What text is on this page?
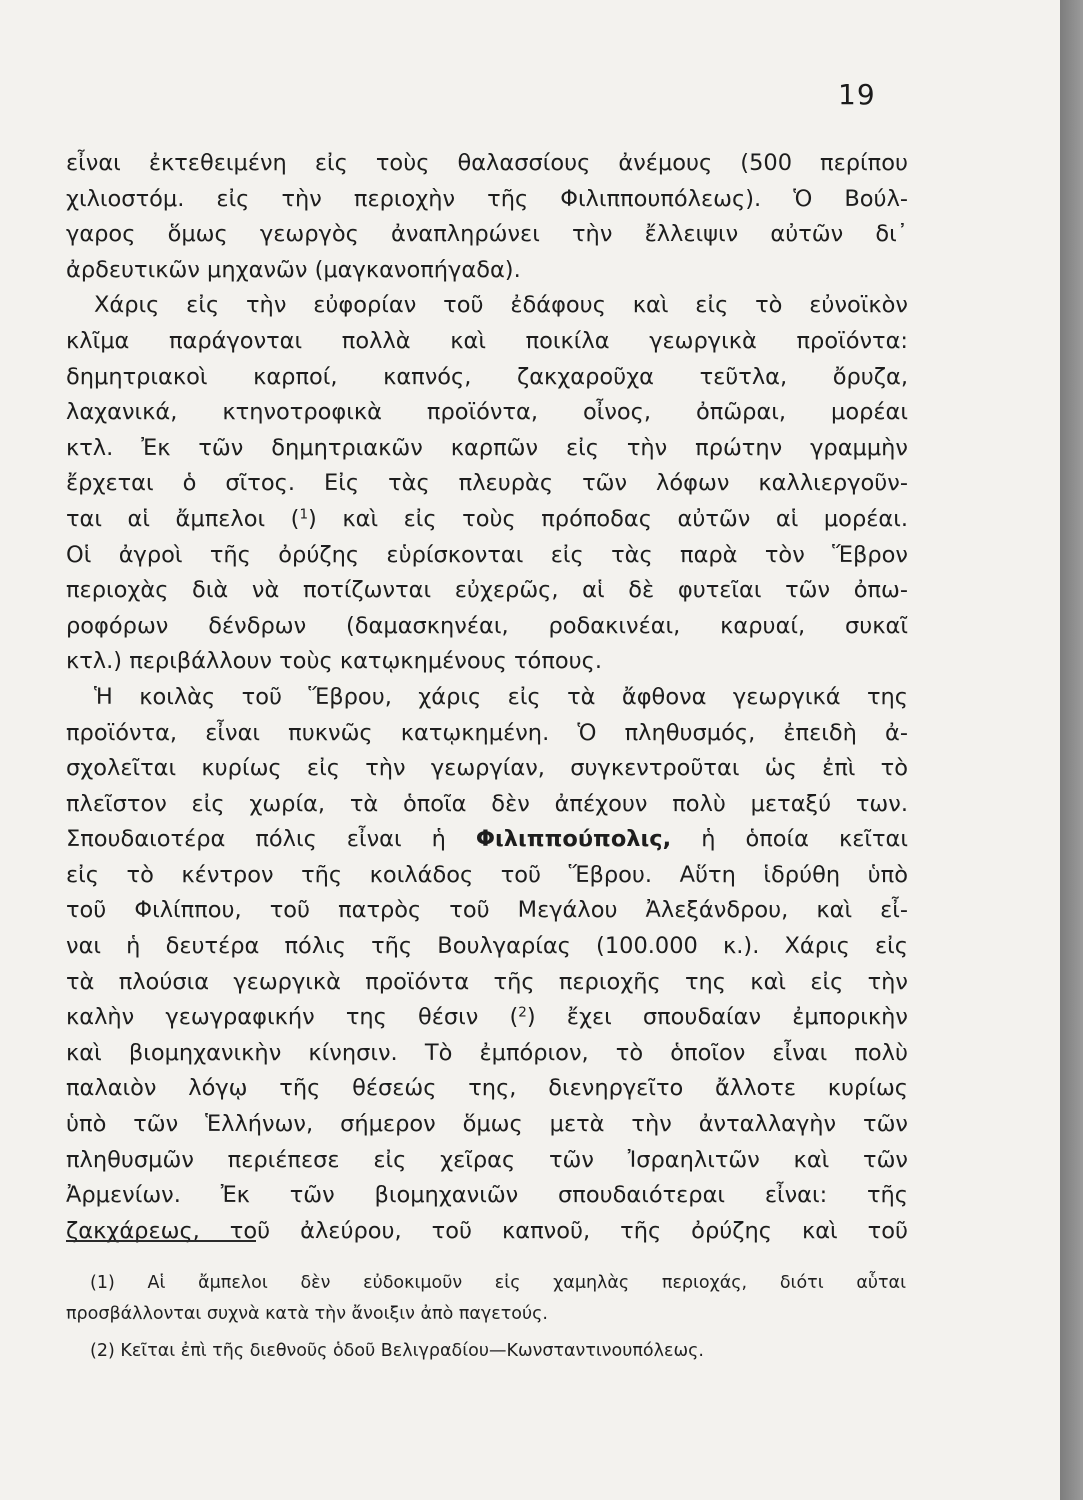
19
εἶναι ἐκτεθειμένη εἰς τοὺς θαλασσίους ἀνέμους (500 περίπου
χιλιοστόμ. εἰς τὴν περιοχὴν τῆς Φιλιππουπόλεως). Ὁ Βούλ-
γαρος ὅμως γεωργὸς ἀναπληρώνει τὴν ἔλλειψιν αὐτῶν δι᾽
ἀρδευτικῶν μηχανῶν (μαγκανοπήγαδα).
Χάρις εἰς τὴν εὐφορίαν τοῦ ἐδάφους καὶ εἰς τὸ εὐνοϊκὸν
κλῖμα παράγονται πολλὰ καὶ ποικίλα γεωργικὰ προϊόντα:
δημητριακοὶ καρποί, καπνός, ζακχαροῦχα τεῦτλα, ὄρυζα,
λαχανικά, κτηνοτροφικὰ προϊόντα, οἶνος, ὀπῶραι, μορέαι
κτλ. Ἐκ τῶν δημητριακῶν καρπῶν εἰς τὴν πρώτην γραμμὴν
ἔρχεται ὁ σῖτος. Εἰς τὰς πλευρὰς τῶν λόφων καλλιεργοῦν-
ται αἱ ἄμπελοι ($^1$) καὶ εἰς τοὺς πρόποδας αὐτῶν αἱ μορέαι.
Οἱ ἀγροὶ τῆς ὀρύζης εὑρίσκονται εἰς τὰς παρὰ τὸν Ἕβρον
περιοχὰς διὰ νὰ ποτίζωνται εὐχερῶς, αἱ δὲ φυτεῖαι τῶν ὀπω-
ροφόρων δένδρων (δαμασκηνέαι, ροδακινέαι, καρυαί, συκαῖ
κτλ.) περιβάλλουν τοὺς κατῳκημένους τόπους.
Ἡ κοιλὰς τοῦ Ἕβρου, χάρις εἰς τὰ ἄφθονα γεωργικά της
προϊόντα, εἶναι πυκνῶς κατῳκημένη. Ὁ πληθυσμός, ἐπειδὴ ἀ-
σχολεῖται κυρίως εἰς τὴν γεωργίαν, συγκεντροῦται ὡς ἐπὶ τὸ
πλεῖστον εἰς χωρία, τὰ ὁποῖα δὲν ἀπέχουν πολὺ μεταξύ των.
Σπουδαιοτέρα πόλις εἶναι ἡ Φιλιππούπολις, ἡ ὁποία κεῖται
εἰς τὸ κέντρον τῆς κοιλάδος τοῦ Ἕβρου. Αὕτη ἱδρύθη ὑπὸ
τοῦ Φιλίππου, τοῦ πατρὸς τοῦ Μεγάλου Ἀλεξάνδρου, καὶ εἶ-
ναι ἡ δευτέρα πόλις τῆς Βουλγαρίας (100.000 κ.). Χάρις εἰς
τὰ πλούσια γεωργικὰ προϊόντα τῆς περιοχῆς της καὶ εἰς τὴν
καλὴν γεωγραφικήν της θέσιν ($^2$) ἔχει σπουδαίαν ἐμπορικὴν
καὶ βιομηχανικὴν κίνησιν. Τὸ ἐμπόριον, τὸ ὁποῖον εἶναι πολὺ
παλαιὸν λόγῳ τῆς θέσεώς της, διενηργεῖτο ἄλλοτε κυρίως
ὑπὸ τῶν Ἑλλήνων, σήμερον ὅμως μετὰ τὴν ἀνταλλαγὴν τῶν
πληθυσμῶν περιέπεσε εἰς χεῖρας τῶν Ἰσραηλιτῶν καὶ τῶν
Ἀρμενίων. Ἐκ τῶν βιομηχανιῶν σπουδαιότεραι εἶναι: τῆς
ζακχάρεως, τοῦ ἀλεύρου, τοῦ καπνοῦ, τῆς ὀρύζης καὶ τοῦ
(1) Αἱ ἄμπελοι δὲν εὐδοκιμοῦν εἰς χαμηλὰς περιοχάς, διότι αὗται
προσβάλλονται συχνὰ κατὰ τὴν ἄνοιξιν ἀπὸ παγετούς.
(2) Κεῖται ἐπὶ τῆς διεθνοῦς ὁδοῦ Βελιγραδίου—Κωνσταντινουπόλεως.
